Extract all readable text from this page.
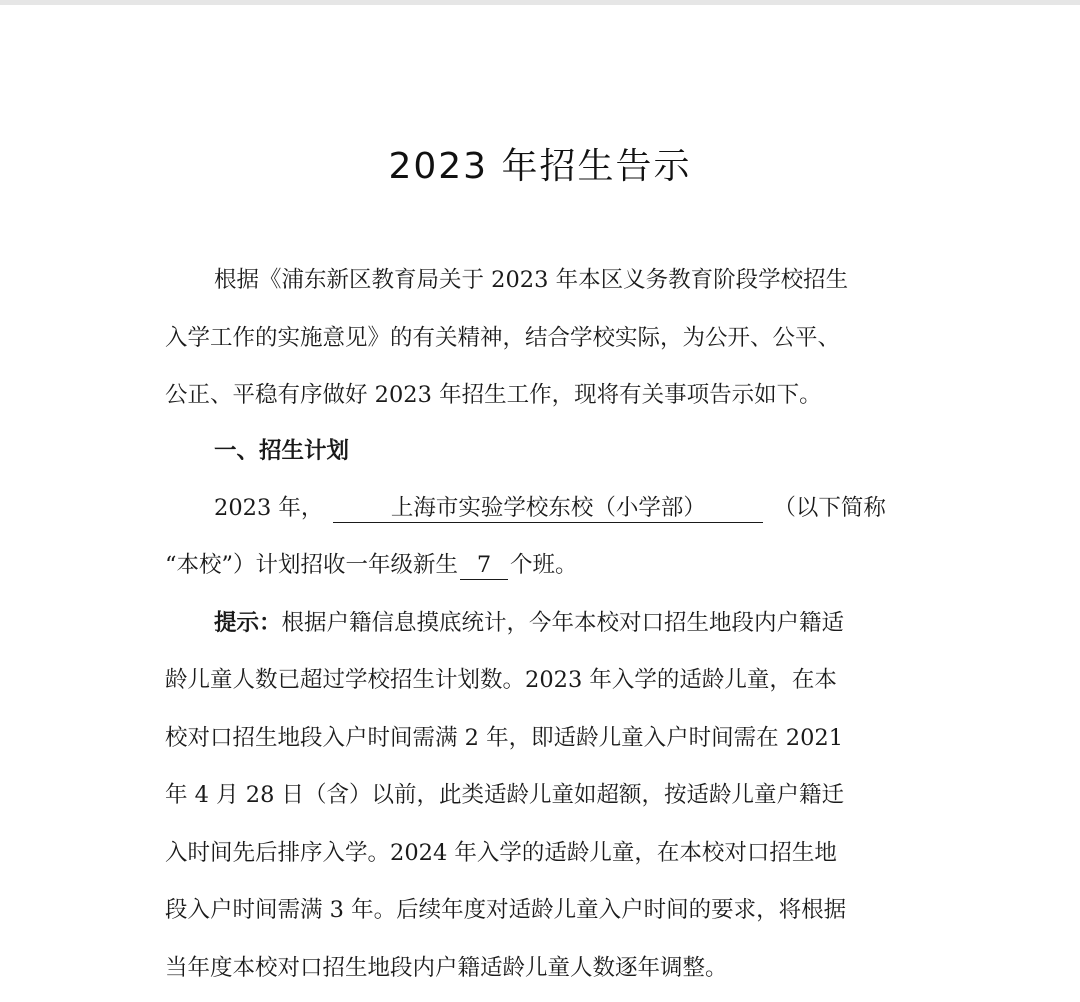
2023 年招生告示
根据《浦东新区教育局关于 2023 年本区义务教育阶段学校招生
入学工作的实施意见》的有关精神，结合学校实际，为公开、公平、
公正、平稳有序做好 2023 年招生工作，现将有关事项告示如下。
一、招生计划
2023 年，	上海市实验学校东校（小学部）	（以下简称
“本校”）计划招收一年级新生 7 个班。
提示：根据户籍信息摸底统计，今年本校对口招生地段内户籍适
龄儿童人数已超过学校招生计划数。2023 年入学的适龄儿童，在本
校对口招生地段入户时间需满 2 年，即适龄儿童入户时间需在 2021
年 4 月 28 日（含）以前，此类适龄儿童如超额，按适龄儿童户籍迁
入时间先后排序入学。2024 年入学的适龄儿童，在本校对口招生地
段入户时间需满 3 年。后续年度对适龄儿童入户时间的要求，将根据
当年度本校对口招生地段内户籍适龄儿童人数逐年调整。
